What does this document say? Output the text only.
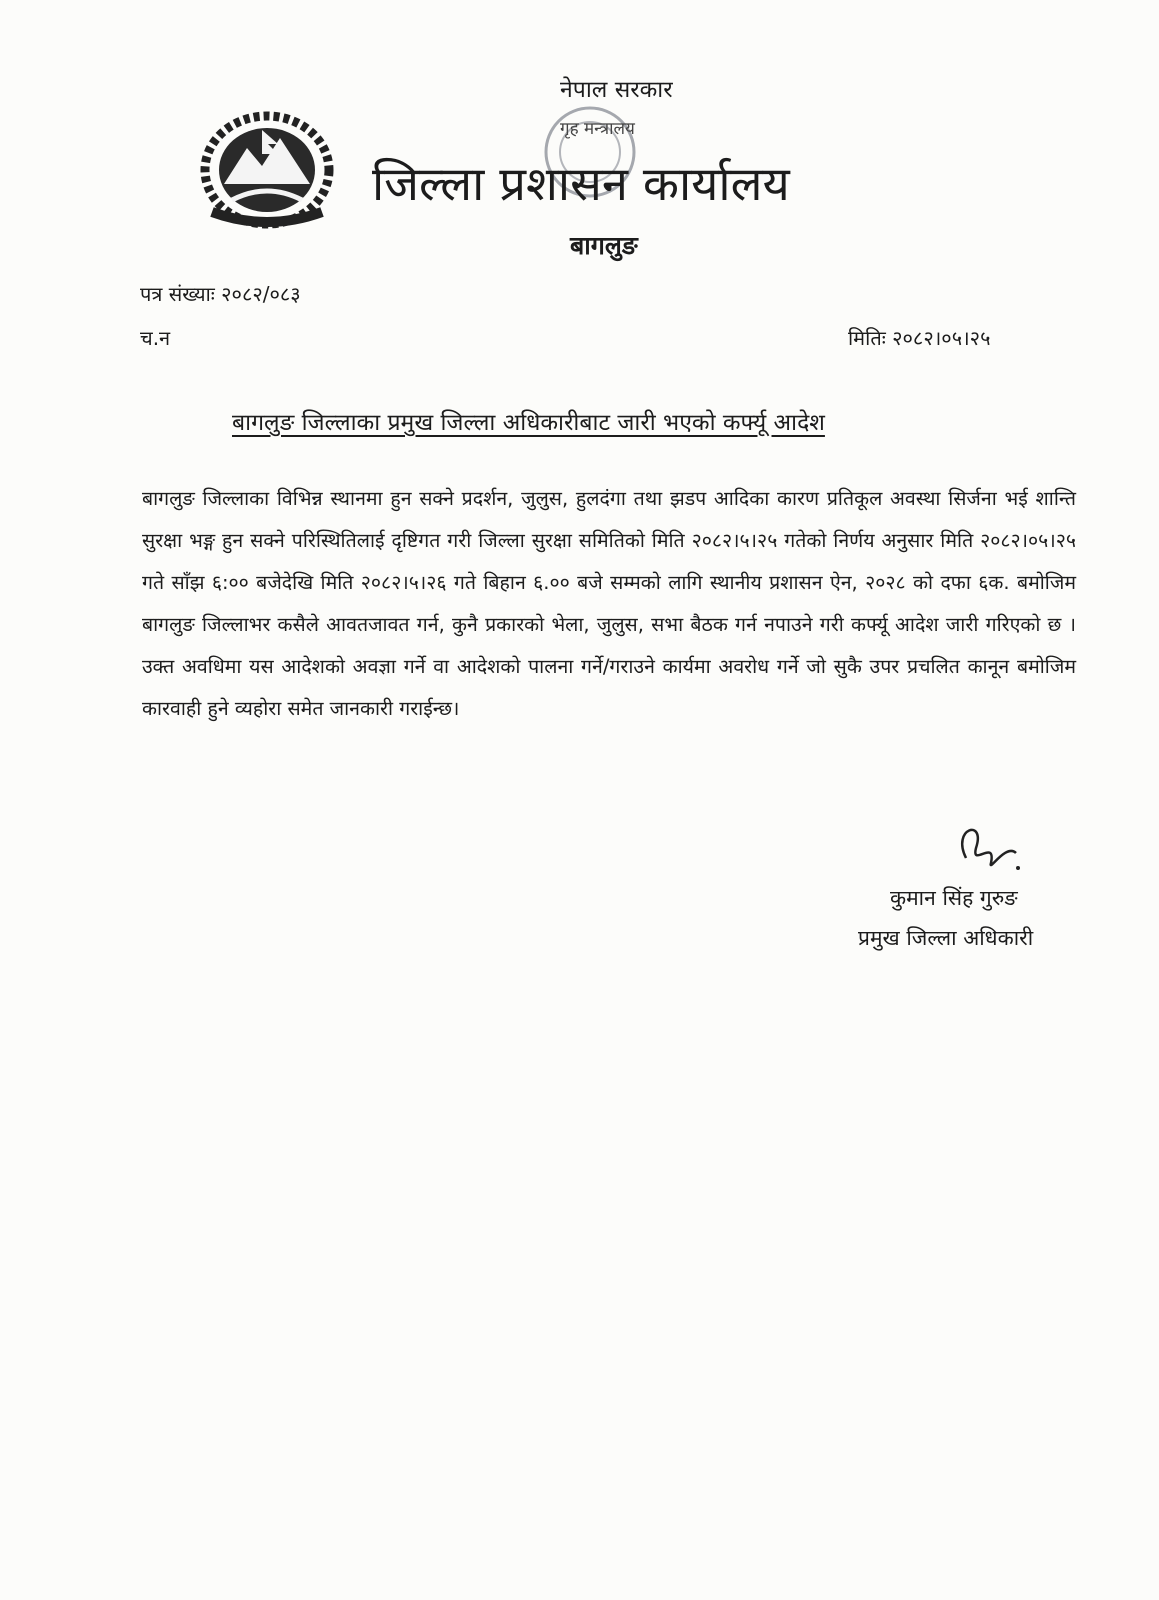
नेपाल सरकार
गृह मन्त्रालय
जिल्ला प्रशासन कार्यालय
बागलुङ
पत्र संख्याः २०८२/०८३
च.न	मितिः २०८२।०५।२५
बागलुङ जिल्लाका प्रमुख जिल्ला अधिकारीबाट जारी भएको कर्फ्यू आदेश
बागलुङ जिल्लाका विभिन्न स्थानमा हुन सक्ने प्रदर्शन, जुलुस, हुलदंगा तथा झडप आदिका कारण प्रतिकूल अवस्था सिर्जना भई शान्ति सुरक्षा भङ्ग हुन सक्ने परिस्थितिलाई दृष्टिगत गरी जिल्ला सुरक्षा समितिको मिति २०८२।५।२५ गतेको निर्णय अनुसार मिति २०८२।०५।२५ गते साँझ ६:०० बजेदेखि मिति २०८२।५।२६ गते बिहान ६.०० बजे सम्मको लागि स्थानीय प्रशासन ऐन, २०२८ को दफा ६क. बमोजिम बागलुङ जिल्लाभर कसैले आवतजावत गर्न, कुनै प्रकारको भेला, जुलुस, सभा बैठक गर्न नपाउने गरी कर्फ्यू आदेश जारी गरिएको छ । उक्त अवधिमा यस आदेशको अवज्ञा गर्ने वा आदेशको पालना गर्ने/गराउने कार्यमा अवरोध गर्ने जो सुकै उपर प्रचलित कानून बमोजिम कारवाही हुने व्यहोरा समेत जानकारी गराईन्छ।
कुमान सिंह गुरुङ
प्रमुख जिल्ला अधिकारी
